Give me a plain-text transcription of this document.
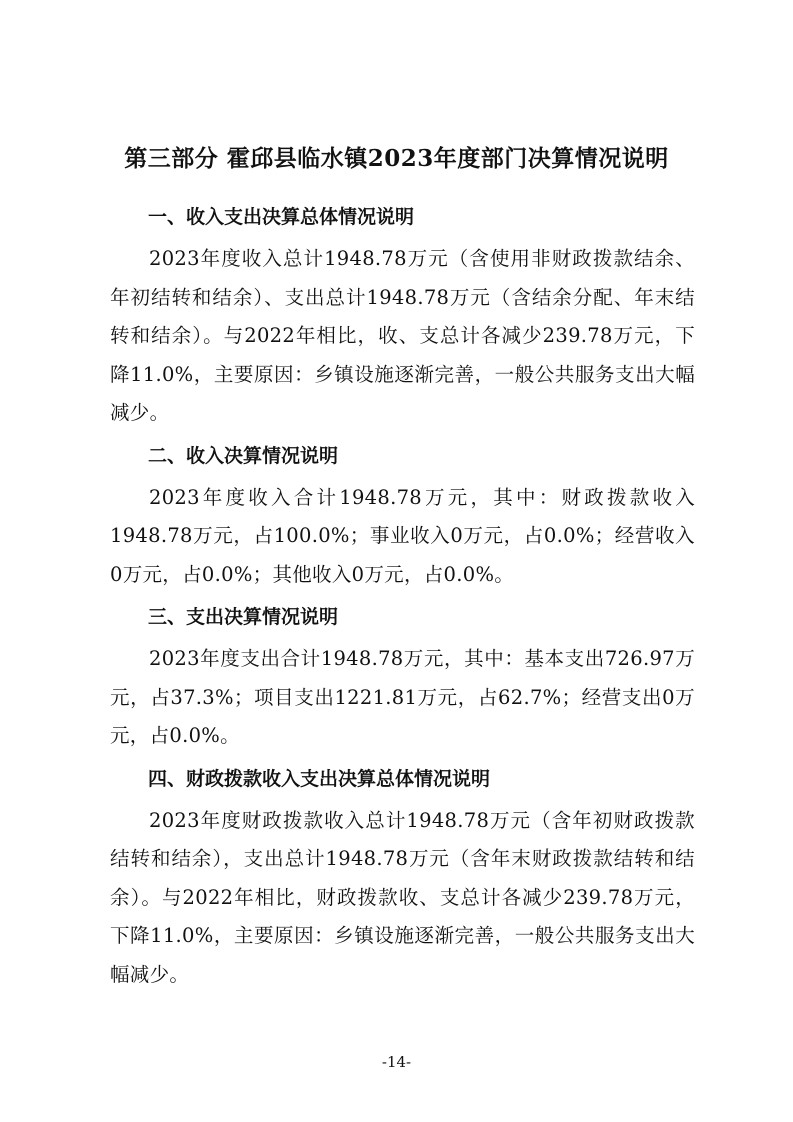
第三部分 霍邱县临水镇2023年度部门决算情况说明
一、收入支出决算总体情况说明

2023年度收入总计1948.78万元（含使用非财政拨款结余、年初结转和结余）、支出总计1948.78万元（含结余分配、年末结转和结余）。与2022年相比，收、支总计各减少239.78万元，下降11.0%，主要原因：乡镇设施逐渐完善，一般公共服务支出大幅减少。

二、收入决算情况说明

2023年度收入合计1948.78万元，其中：财政拨款收入1948.78万元，占100.0%；事业收入0万元，占0.0%；经营收入0万元，占0.0%；其他收入0万元，占0.0%。

三、支出决算情况说明

2023年度支出合计1948.78万元，其中：基本支出726.97万元，占37.3%；项目支出1221.81万元，占62.7%；经营支出0万元，占0.0%。

四、财政拨款收入支出决算总体情况说明

2023年度财政拨款收入总计1948.78万元（含年初财政拨款结转和结余），支出总计1948.78万元（含年末财政拨款结转和结余）。与2022年相比，财政拨款收、支总计各减少239.78万元，下降11.0%，主要原因：乡镇设施逐渐完善，一般公共服务支出大幅减少。

-14-
